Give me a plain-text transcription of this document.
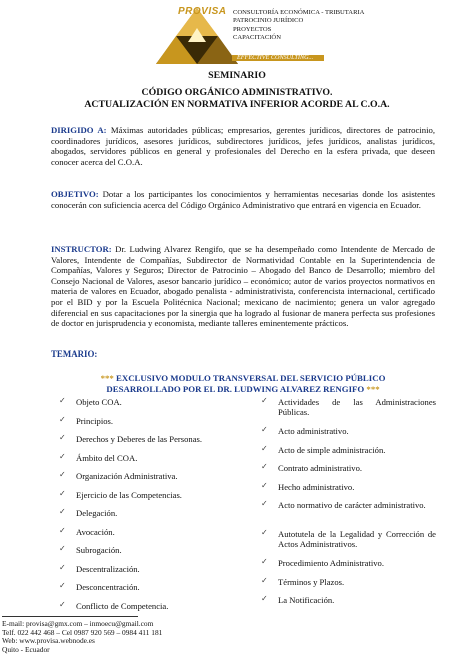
PROVISA CONSULTORÍA ECONÓMICA - TRIBUTARIA
PATROCINIO JURÍDICO
PROYECTOS
CAPACITACIÓN
EFFECTIVE CONSULTING...
SEMINARIO
CÓDIGO ORGÁNICO ADMINISTRATIVO.
ACTUALIZACIÓN EN NORMATIVA INFERIOR ACORDE AL C.O.A.
DIRIGIDO A: Máximas autoridades públicas; empresarios, gerentes jurídicos, directores de patrocinio, coordinadores jurídicos, asesores jurídicos, subdirectores jurídicos, jefes jurídicos, analistas jurídicos, abogados, servidores públicos en general y profesionales del Derecho en la esfera privada, que deseen conocer acerca del C.O.A.
OBJETIVO: Dotar a los participantes los conocimientos y herramientas necesarias donde los asistentes conocerán con suficiencia acerca del Código Orgánico Administrativo que entrará en vigencia en Ecuador.
INSTRUCTOR: Dr. Ludwing Alvarez Rengifo, que se ha desempeñado como Intendente de Mercado de Valores, Intendente de Compañías, Subdirector de Normatividad Contable en la Superintendencia de Compañías, Valores y Seguros; Director de Patrocinio – Abogado del Banco de Desarrollo; miembro del Consejo Nacional de Valores, asesor bancario jurídico – económico; autor de varios proyectos normativos en materia de valores en Ecuador, abogado penalista - administrativista, conferencista internacional, certificado por el BID y por la Escuela Politécnica Nacional; mexicano de nacimiento; genera un valor agregado diferencial en sus capacitaciones por la sinergia que ha logrado al fusionar de manera perfecta sus profesiones de doctor en jurisprudencia y economista, mediante talleres eminentemente prácticos.
TEMARIO:
*** EXCLUSIVO MODULO TRANSVERSAL DEL SERVICIO PÚBLICO
DESARROLLADO POR EL DR. LUDWING ALVAREZ RENGIFO ***
✓ Objeto COA.
✓ Principios.
✓ Derechos y Deberes de las Personas.
✓ Ámbito del COA.
✓ Organización Administrativa.
✓ Ejercicio de las Competencias.
✓ Delegación.
✓ Avocación.
✓ Subrogación.
✓ Descentralización.
✓ Desconcentración.
✓ Conflicto de Competencia.
✓ Actividades de las Administraciones Públicas.
✓ Acto administrativo.
✓ Acto de simple administración.
✓ Contrato administrativo.
✓ Hecho administrativo.
✓ Acto normativo de carácter administrativo.
✓ Autotutela de la Legalidad y Corrección de Actos Administrativos.
✓ Procedimiento Administrativo.
✓ Términos y Plazos.
✓ La Notificación.
E-mail: provisa@gmx.com – inmoecu@gmail.com
Telf. 022 442 468 – Cel 0987 920 569 – 0984 411 181
Web: www.provisa.webnode.es
Quito - Ecuador
